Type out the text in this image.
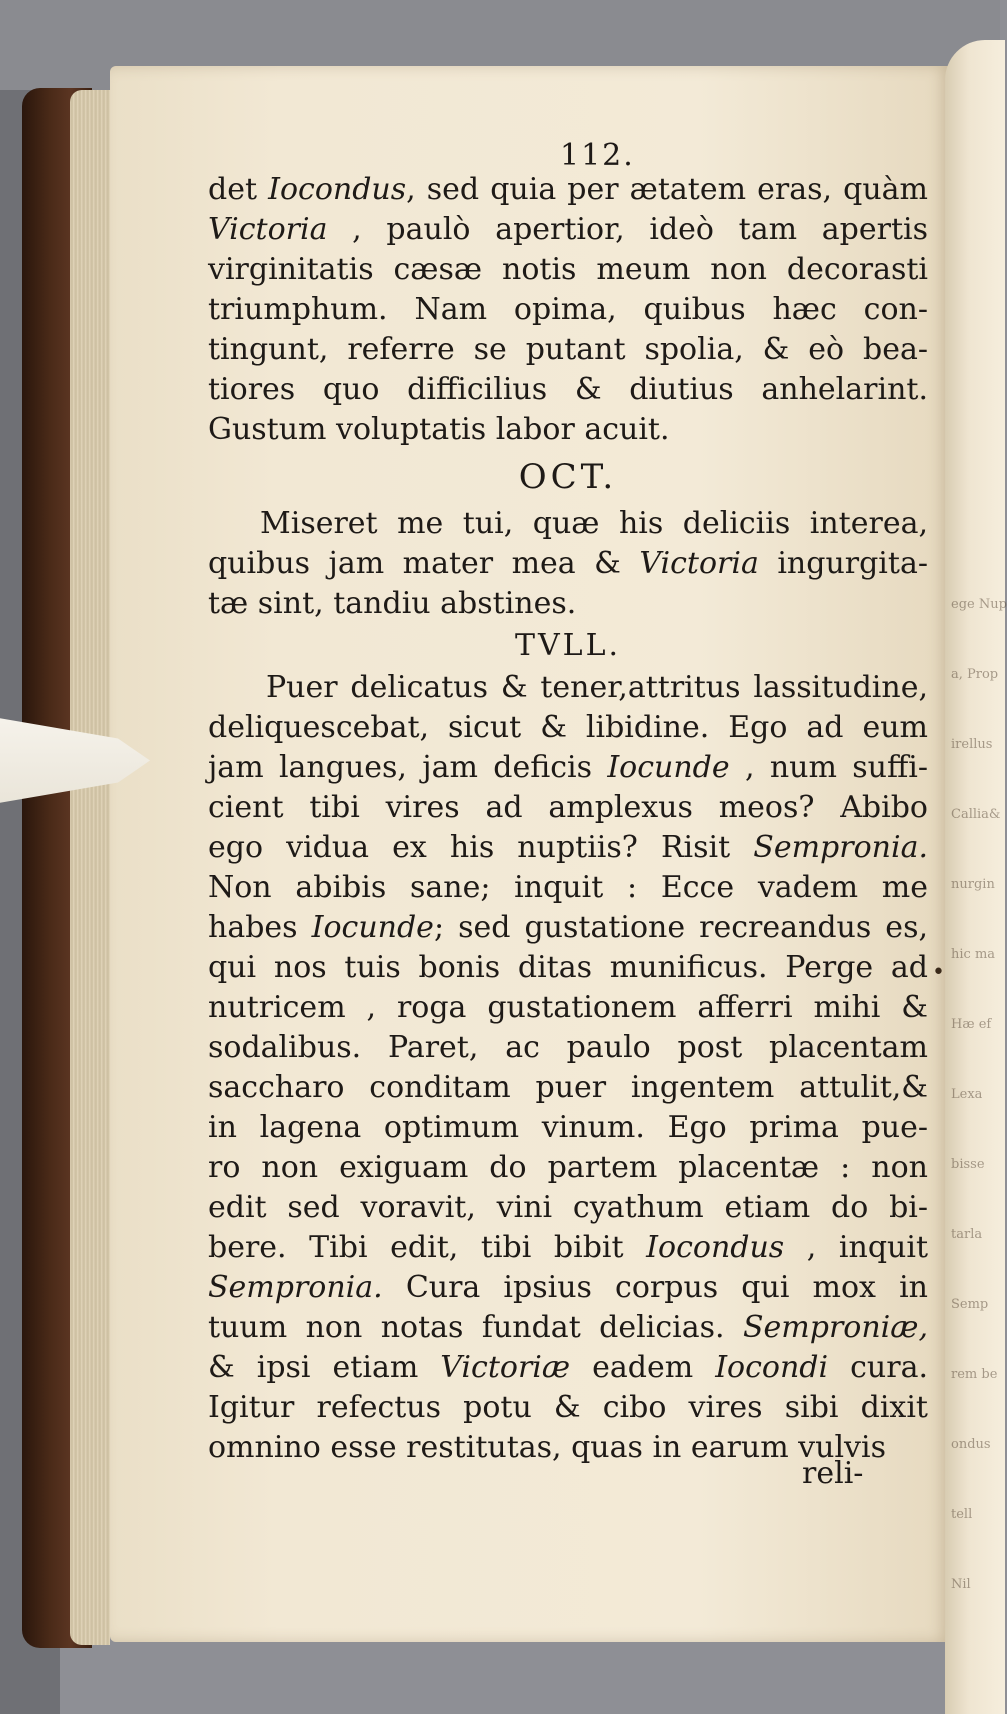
ege Nup
a, Prop
irellus
Callia&
nurgin
hic ma
Hæ ef
Lexa
bisse
tarla
Semp
rem be
ondus
tell
Nil
•
112.
det Iocondus, sed quia per ætatem eras, quàm
Victoria , paulò apertior, ideò tam apertis
virginitatis cæsæ notis meum non decorasti
triumphum. Nam opima, quibus hæc con-
tingunt, referre se putant spolia, & eò bea-
tiores quo difficilius & diutius anhelarint.
Gustum voluptatis labor acuit.
OCT.
Miseret me tui, quæ his deliciis interea,
quibus jam mater mea & Victoria ingurgita-
tæ sint, tandiu abstines.
TVLL.
Puer delicatus & tener,attritus lassitudine,
deliquescebat, sicut & libidine. Ego ad eum
jam langues, jam deficis Iocunde , num suffi-
cient tibi vires ad amplexus meos? Abibo
ego vidua ex his nuptiis? Risit Sempronia.
Non abibis sane; inquit : Ecce vadem me
habes Iocunde; sed gustatione recreandus es,
qui nos tuis bonis ditas munificus. Perge ad
nutricem , roga gustationem afferri mihi &
sodalibus. Paret, ac paulo post placentam
saccharo conditam puer ingentem attulit,&
in lagena optimum vinum. Ego prima pue-
ro non exiguam do partem placentæ : non
edit sed voravit, vini cyathum etiam do bi-
bere. Tibi edit, tibi bibit Iocondus , inquit
Sempronia. Cura ipsius corpus qui mox in
tuum non notas fundat delicias. Semproniæ,
& ipsi etiam Victoriæ eadem Iocondi cura.
Igitur refectus potu & cibo vires sibi dixit
omnino esse restitutas, quas in earum vulvis
reli-
